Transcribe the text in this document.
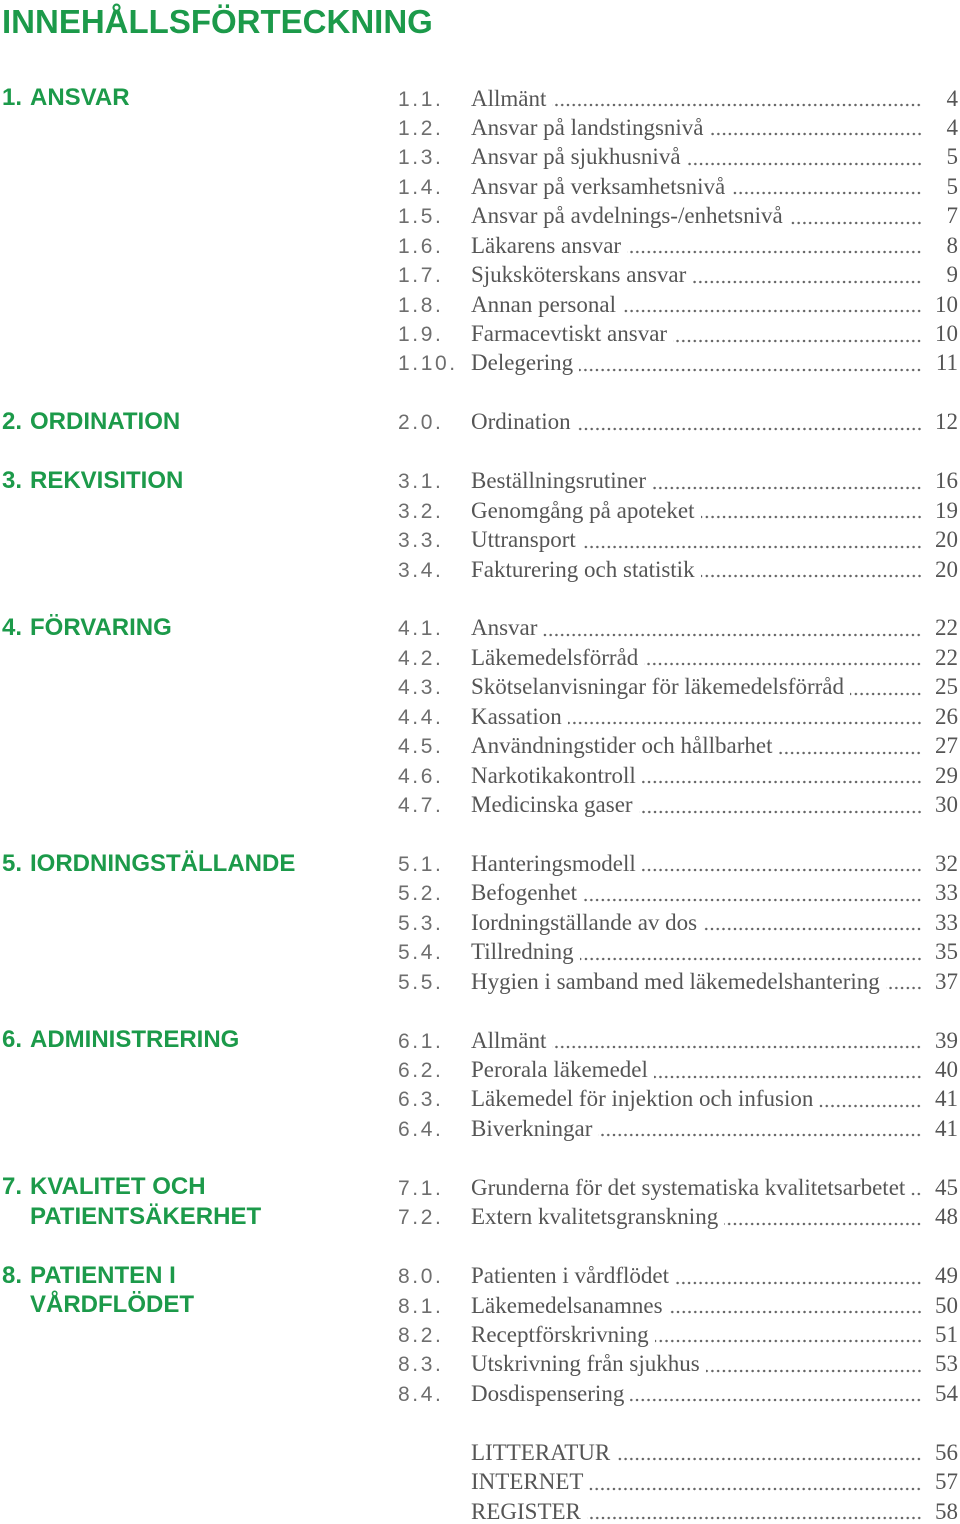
INNEHÅLLSFÖRTECKNING
1. ANSVAR	1.1.	Allmänt	4
1.2.	Ansvar på landstingsnivå	4
1.3.	Ansvar på sjukhusnivå	5
1.4.	Ansvar på verksamhetsnivå	5
1.5.	Ansvar på avdelnings-/enhetsnivå	7
1.6.	Läkarens ansvar	8
1.7.	Sjuksköterskans ansvar	9
1.8.	Annan personal	10
1.9.	Farmacevtiskt ansvar	10
1.10. Delegering	11
2. ORDINATION	2.0.	Ordination	12
3. REKVISITION	3.1.	Beställningsrutiner	16
3.2.	Genomgång på apoteket	19
3.3.	Uttransport	20
3.4.	Fakturering och statistik	20
4. FÖRVARING	4.1.	Ansvar	22
4.2.	Läkemedelsförråd	22
4.3.	Skötselanvisningar för läkemedelsförråd	25
4.4.	Kassation	26
4.5.	Användningstider och hållbarhet	27
4.6.	Narkotikakontroll	29
4.7.	Medicinska gaser	30
5. IORDNINGSTÄLLANDE	5.1.	Hanteringsmodell	32
5.2.	Befogenhet	33
5.3.	Iordningställande av dos	33
5.4.	Tillredning	35
5.5.	Hygien i samband med läkemedelshantering	37
6. ADMINISTRERING	6.1.	Allmänt	39
6.2.	Perorala läkemedel	40
6.3.	Läkemedel för injektion och infusion	41
6.4.	Biverkningar	41
7. KVALITET OCH
PATIENTSÄKERHET
7.1.	Grunderna för det systematiska kvalitetsarbetet	45
7.2.	Extern kvalitetsgranskning	48
8. PATIENTEN I
VÅRDFLÖDET
8.0.	Patienten i vårdflödet	49
8.1.	Läkemedelsanamnes	50
8.2.	Receptförskrivning	51
8.3.	Utskrivning från sjukhus	53
8.4.	Dosdispensering	54
LITTERATUR	56
INTERNET	57
REGISTER	58
